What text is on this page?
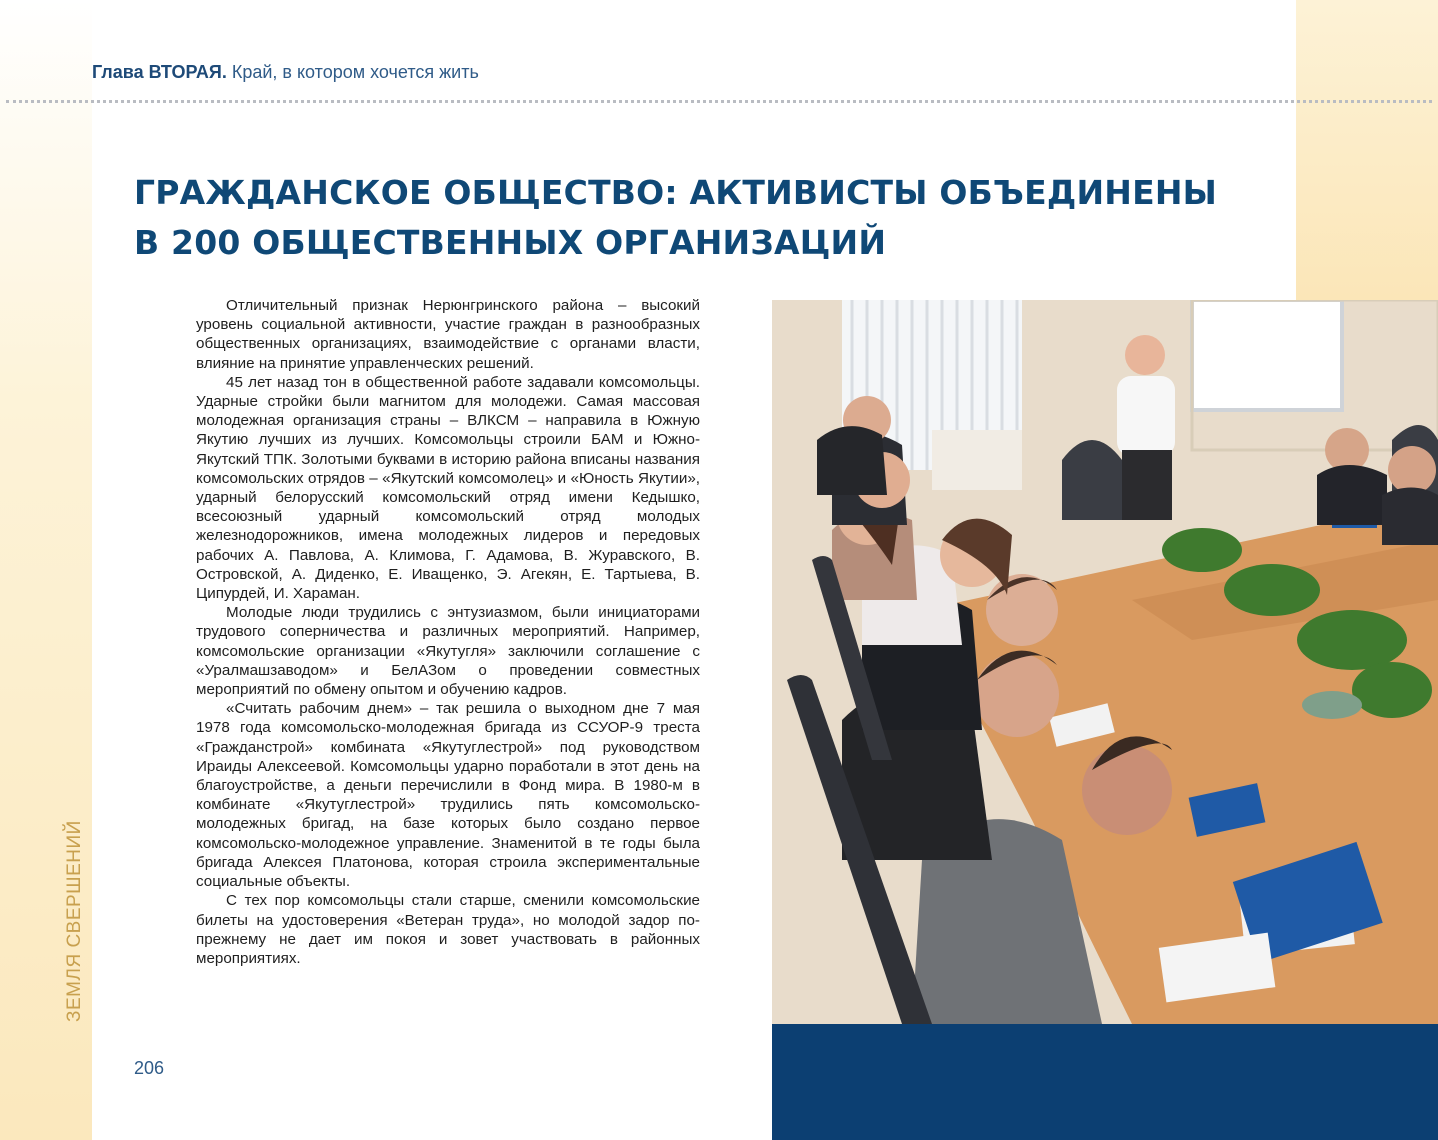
Глава ВТОРАЯ. Край, в котором хочется жить
ГРАЖДАНСКОЕ ОБЩЕСТВО: АКТИВИСТЫ ОБЪЕДИНЕНЫ
В 200 ОБЩЕСТВЕННЫХ ОРГАНИЗАЦИЙ

Отличительный признак Нерюнгринского района – высокий уровень социальной активности, участие граждан в разнообразных общественных организациях, взаимодействие с органами власти, влияние на принятие управленческих решений.

45 лет назад тон в общественной работе задавали комсомольцы. Ударные стройки были магнитом для молодежи. Самая массовая молодежная организация страны – ВЛКСМ – направила в Южную Якутию лучших из лучших. Комсомольцы строили БАМ и Южно-Якутский ТПК. Золотыми буквами в историю района вписаны названия комсомольских отрядов – «Якутский комсомолец» и «Юность Якутии», ударный белорусский комсомольский отряд имени Кедышко, всесоюзный ударный комсомольский отряд молодых железнодорожников, имена молодежных лидеров и передовых рабочих А. Павлова, А. Климова, Г. Адамова, В. Журавского, В. Островской, А. Диденко, Е. Иващенко, Э. Агекян, Е. Тартыева, В. Ципурдей, И. Хараман.

Молодые люди трудились с энтузиазмом, были инициаторами трудового соперничества и различных мероприятий. Например, комсомольские организации «Якутугля» заключили соглашение с «Уралмашзаводом» и БелАЗом о проведении совместных мероприятий по обмену опытом и обучению кадров.

«Считать рабочим днем» – так решила о выходном дне 7 мая 1978 года комсомольско-молодежная бригада из ССУОР-9 треста «Гражданстрой» комбината «Якутуглестрой» под руководством Ираиды Алексеевой. Комсомольцы ударно поработали в этот день на благоустройстве, а деньги перечислили в Фонд мира. В 1980-м в комбинате «Якутуглестрой» трудились пять комсомольско-молодежных бригад, на базе которых было создано первое комсомольско-молодежное управление. Знаменитой в те годы была бригада Алексея Платонова, которая строила экспериментальные социальные объекты.

С тех пор комсомольцы стали старше, сменили комсомольские билеты на удостоверения «Ветеран труда», но молодой задор по-прежнему не дает им покоя и зовет участвовать в районных мероприятиях.

ЗЕМЛЯ СВЕРШЕНИЙ
206
